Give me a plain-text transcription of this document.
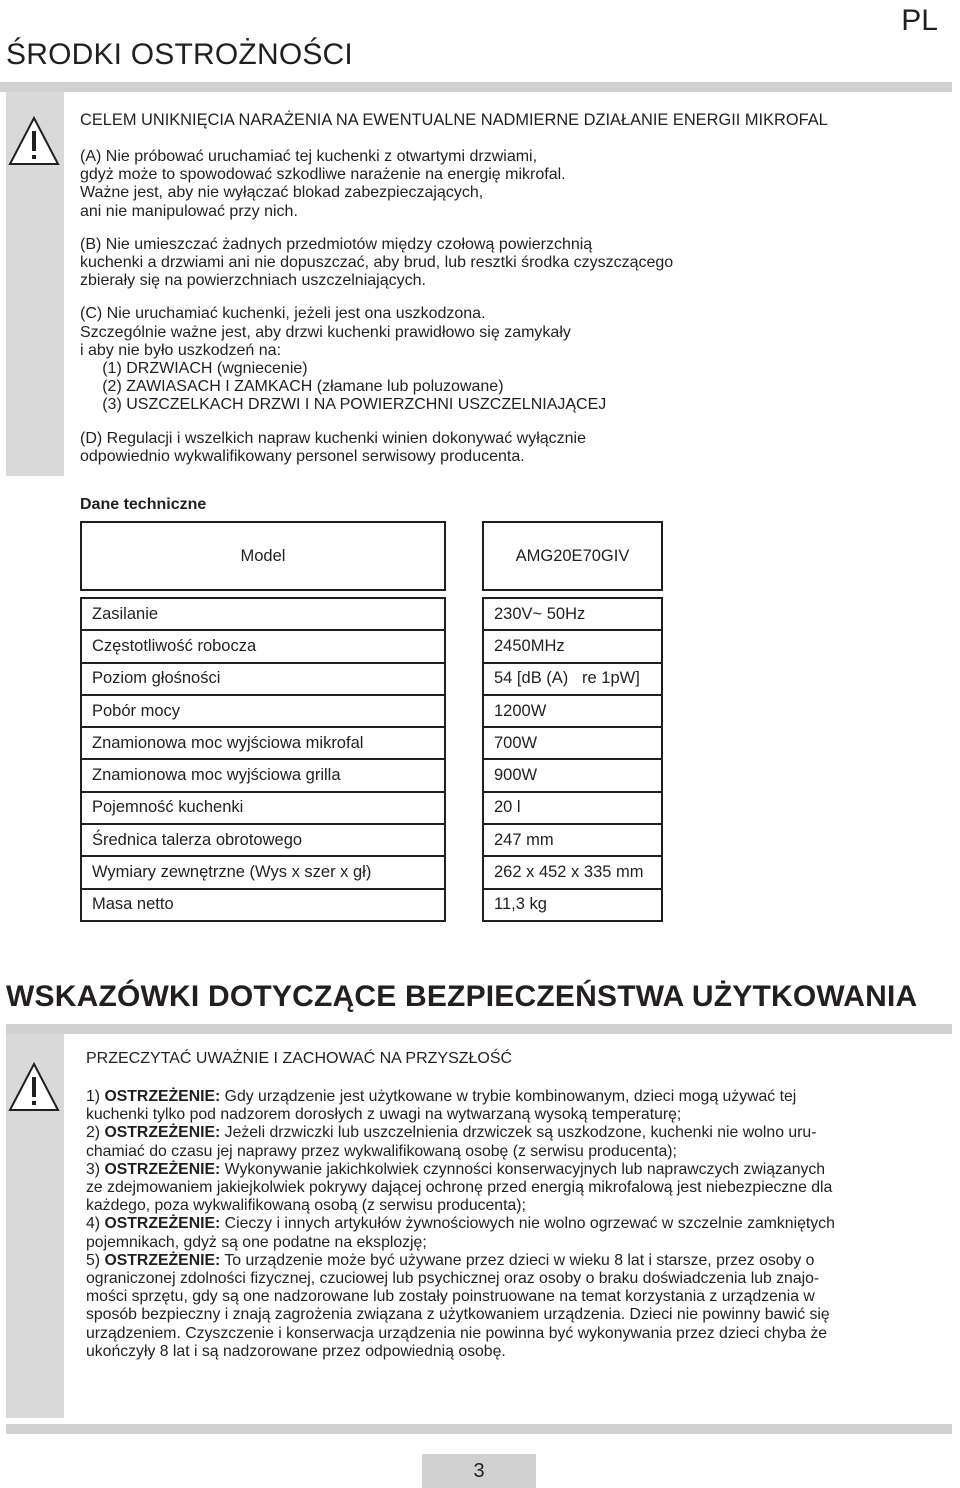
PL
ŚRODKI OSTROŻNOŚCI
CELEM UNIKNIĘCIA NARAŻENIA NA EWENTUALNE NADMIERNE DZIAŁANIE ENERGII MIKROFAL

(A) Nie próbować uruchamiać tej kuchenki z otwartymi drzwiami,

gdyż może to spowodować szkodliwe narażenie na energię mikrofal.

Ważne jest, aby nie wyłączać blokad zabezpieczających,

ani nie manipulować przy nich.

(B) Nie umieszczać żadnych przedmiotów między czołową powierzchnią

kuchenki a drzwiami ani nie dopuszczać, aby brud, lub resztki środka czyszczącego

zbierały się na powierzchniach uszczelniających.

(C) Nie uruchamiać kuchenki, jeżeli jest ona uszkodzona.

Szczególnie ważne jest, aby drzwi kuchenki prawidłowo się zamykały

i aby nie było uszkodzeń na:

(1) DRZWIACH (wgniecenie)

(2) ZAWIASACH I ZAMKACH (złamane lub poluzowane)

(3) USZCZELKACH DRZWI I NA POWIERZCHNI USZCZELNIAJĄCEJ

(D) Regulacji i wszelkich napraw kuchenki winien dokonywać wyłącznie

odpowiednio wykwalifikowany personel serwisowy producenta.

Dane techniczne
Model		AMG20E70GIV

Zasilanie		230V~ 50Hz
Częstotliwość robocza		2450MHz
Poziom głośności		54 [dB (A)   re 1pW]
Pobór mocy		1200W
Znamionowa moc wyjściowa mikrofal		700W
Znamionowa moc wyjściowa grilla		900W
Pojemność kuchenki		20 l
Średnica talerza obrotowego		247 mm
Wymiary zewnętrzne (Wys x szer x gł)		262 x 452 x 335 mm
Masa netto		11,3 kg
WSKAZÓWKI DOTYCZĄCE BEZPIECZEŃSTWA UŻYTKOWANIA
PRZECZYTAĆ UWAŻNIE I ZACHOWAĆ NA PRZYSZŁOŚĆ

1) OSTRZEŻENIE: Gdy urządzenie jest użytkowane w trybie kombinowanym, dzieci mogą używać tej

kuchenki tylko pod nadzorem dorosłych z uwagi na wytwarzaną wysoką temperaturę;

2) OSTRZEŻENIE: Jeżeli drzwiczki lub uszczelnienia drzwiczek są uszkodzone, kuchenki nie wolno uru-

chamiać do czasu jej naprawy przez wykwalifikowaną osobę (z serwisu producenta);

3) OSTRZEŻENIE: Wykonywanie jakichkolwiek czynności konserwacyjnych lub naprawczych związanych

ze zdejmowaniem jakiejkolwiek pokrywy dającej ochronę przed energią mikrofalową jest niebezpieczne dla

każdego, poza wykwalifikowaną osobą (z serwisu producenta);

4) OSTRZEŻENIE: Cieczy i innych artykułów żywnościowych nie wolno ogrzewać w szczelnie zamkniętych

pojemnikach, gdyż są one podatne na eksplozję;

5) OSTRZEŻENIE: To urządzenie może być używane przez dzieci w wieku 8 lat i starsze, przez osoby o

ograniczonej zdolności fizycznej, czuciowej lub psychicznej oraz osoby o braku doświadczenia lub znajo-

mości sprzętu, gdy są one nadzorowane lub zostały poinstruowane na temat korzystania z urządzenia w

sposób bezpieczny i znają zagrożenia związana z użytkowaniem urządzenia. Dzieci nie powinny bawić się

urządzeniem. Czyszczenie i konserwacja urządzenia nie powinna być wykonywania przez dzieci chyba że

ukończyły 8 lat i są nadzorowane przez odpowiednią osobę.

3
